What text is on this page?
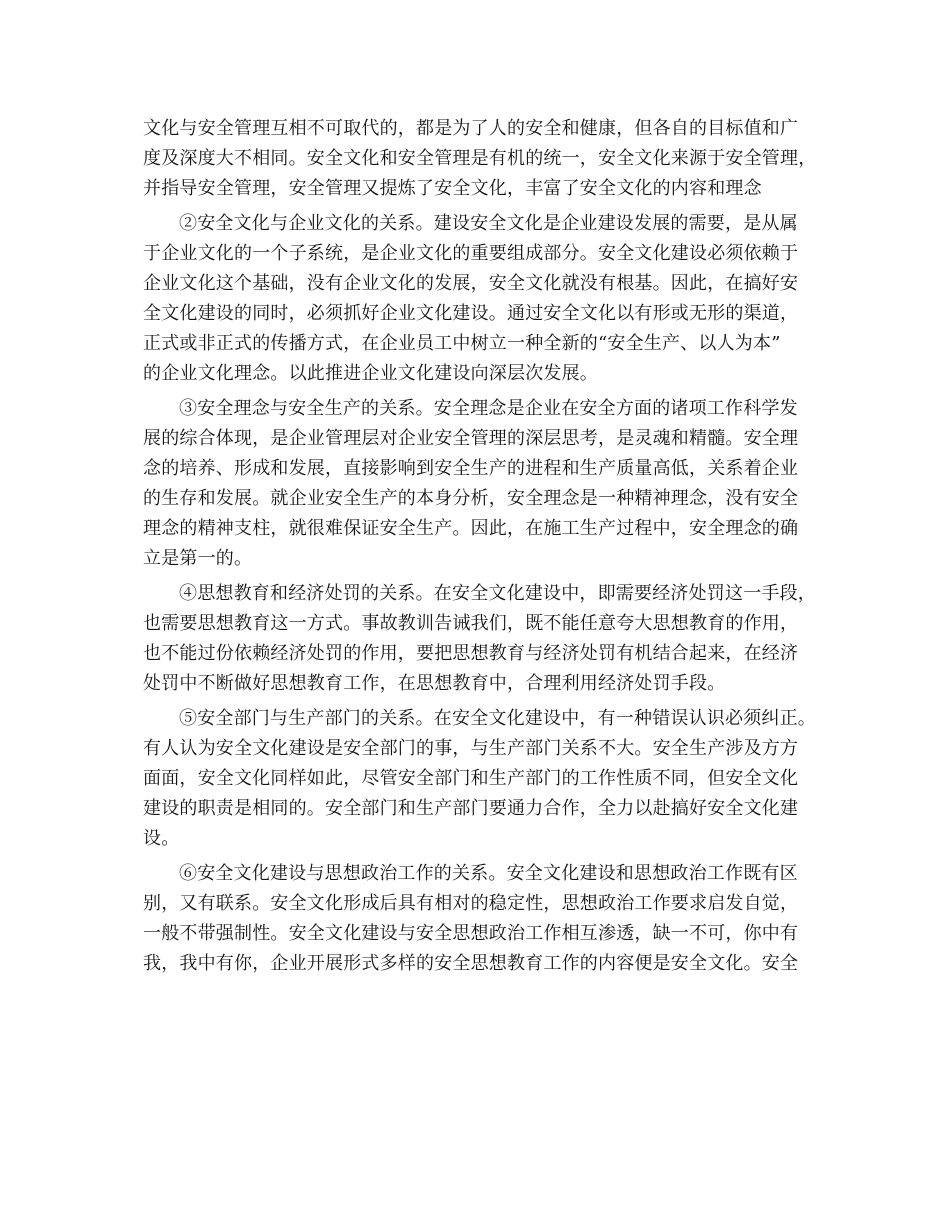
文化与安全管理互相不可取代的，都是为了人的安全和健康，但各自的目标值和广
度及深度大不相同。安全文化和安全管理是有机的统一，安全文化来源于安全管理，
并指导安全管理，安全管理又提炼了安全文化，丰富了安全文化的内容和理念
②安全文化与企业文化的关系。建设安全文化是企业建设发展的需要，是从属
于企业文化的一个子系统，是企业文化的重要组成部分。安全文化建设必须依赖于
企业文化这个基础，没有企业文化的发展，安全文化就没有根基。因此，在搞好安
全文化建设的同时，必须抓好企业文化建设。通过安全文化以有形或无形的渠道，
正式或非正式的传播方式，在企业员工中树立一种全新的“安全生产、以人为本”
的企业文化理念。以此推进企业文化建设向深层次发展。
③安全理念与安全生产的关系。安全理念是企业在安全方面的诸项工作科学发
展的综合体现，是企业管理层对企业安全管理的深层思考，是灵魂和精髓。安全理
念的培养、形成和发展，直接影响到安全生产的进程和生产质量高低，关系着企业
的生存和发展。就企业安全生产的本身分析，安全理念是一种精神理念，没有安全
理念的精神支柱，就很难保证安全生产。因此，在施工生产过程中，安全理念的确
立是第一的。
④思想教育和经济处罚的关系。在安全文化建设中，即需要经济处罚这一手段，
也需要思想教育这一方式。事故教训告诫我们，既不能任意夸大思想教育的作用，
也不能过份依赖经济处罚的作用，要把思想教育与经济处罚有机结合起来，在经济
处罚中不断做好思想教育工作，在思想教育中，合理利用经济处罚手段。
⑤安全部门与生产部门的关系。在安全文化建设中，有一种错误认识必须纠正。
有人认为安全文化建设是安全部门的事，与生产部门关系不大。安全生产涉及方方
面面，安全文化同样如此，尽管安全部门和生产部门的工作性质不同，但安全文化
建设的职责是相同的。安全部门和生产部门要通力合作，全力以赴搞好安全文化建
设。
⑥安全文化建设与思想政治工作的关系。安全文化建设和思想政治工作既有区
别，又有联系。安全文化形成后具有相对的稳定性，思想政治工作要求启发自觉，
一般不带强制性。安全文化建设与安全思想政治工作相互渗透，缺一不可，你中有
我，我中有你，企业开展形式多样的安全思想教育工作的内容便是安全文化。安全
